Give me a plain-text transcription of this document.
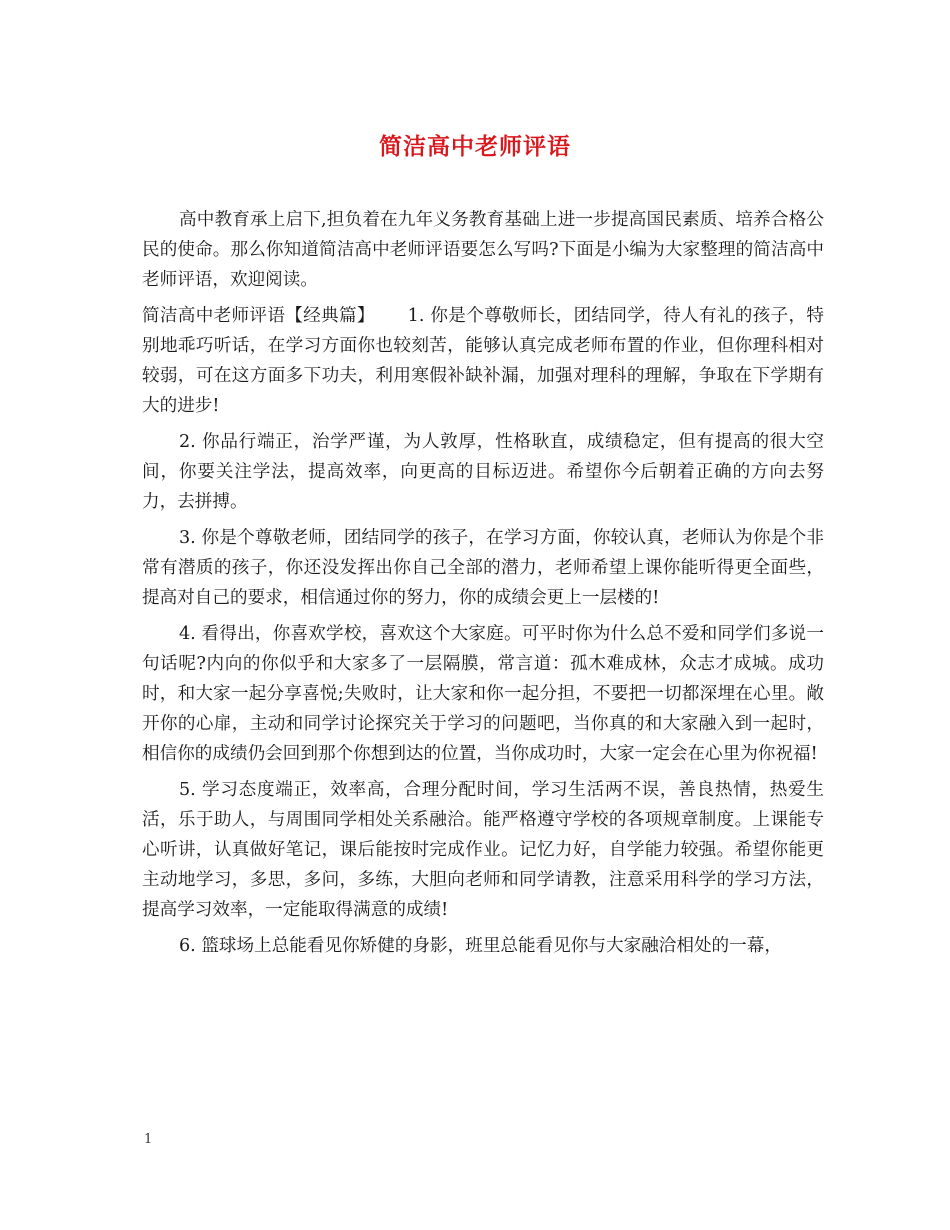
简洁高中老师评语

高中教育承上启下,担负着在九年义务教育基础上进一步提高国民素质、培养合格公民的使命。那么你知道简洁高中老师评语要怎么写吗?下面是小编为大家整理的简洁高中老师评语，欢迎阅读。

简洁高中老师评语【经典篇】　　 1. 你是个尊敬师长，团结同学，待人有礼的孩子，特别地乖巧听话，在学习方面你也较刻苦，能够认真完成老师布置的作业，但你理科相对较弱，可在这方面多下功夫，利用寒假补缺补漏，加强对理科的理解，争取在下学期有大的进步!

2. 你品行端正，治学严谨，为人敦厚，性格耿直，成绩稳定，但有提高的很大空间，你要关注学法，提高效率，向更高的目标迈进。希望你今后朝着正确的方向去努力，去拼搏。

3. 你是个尊敬老师，团结同学的孩子，在学习方面，你较认真，老师认为你是个非常有潜质的孩子，你还没发挥出你自己全部的潜力，老师希望上课你能听得更全面些，提高对自己的要求，相信通过你的努力，你的成绩会更上一层楼的!

4. 看得出，你喜欢学校，喜欢这个大家庭。可平时你为什么总不爱和同学们多说一句话呢?内向的你似乎和大家多了一层隔膜，常言道：孤木难成林，众志才成城。成功时，和大家一起分享喜悦;失败时，让大家和你一起分担，不要把一切都深埋在心里。敞开你的心扉，主动和同学讨论探究关于学习的问题吧，当你真的和大家融入到一起时，相信你的成绩仍会回到那个你想到达的位置，当你成功时，大家一定会在心里为你祝福!

5. 学习态度端正，效率高，合理分配时间，学习生活两不误，善良热情，热爱生活，乐于助人，与周围同学相处关系融洽。能严格遵守学校的各项规章制度。上课能专心听讲，认真做好笔记，课后能按时完成作业。记忆力好，自学能力较强。希望你能更主动地学习，多思，多问，多练，大胆向老师和同学请教，注意采用科学的学习方法，提高学习效率，一定能取得满意的成绩!

6. 篮球场上总能看见你矫健的身影，班里总能看见你与大家融洽相处的一幕，

1
